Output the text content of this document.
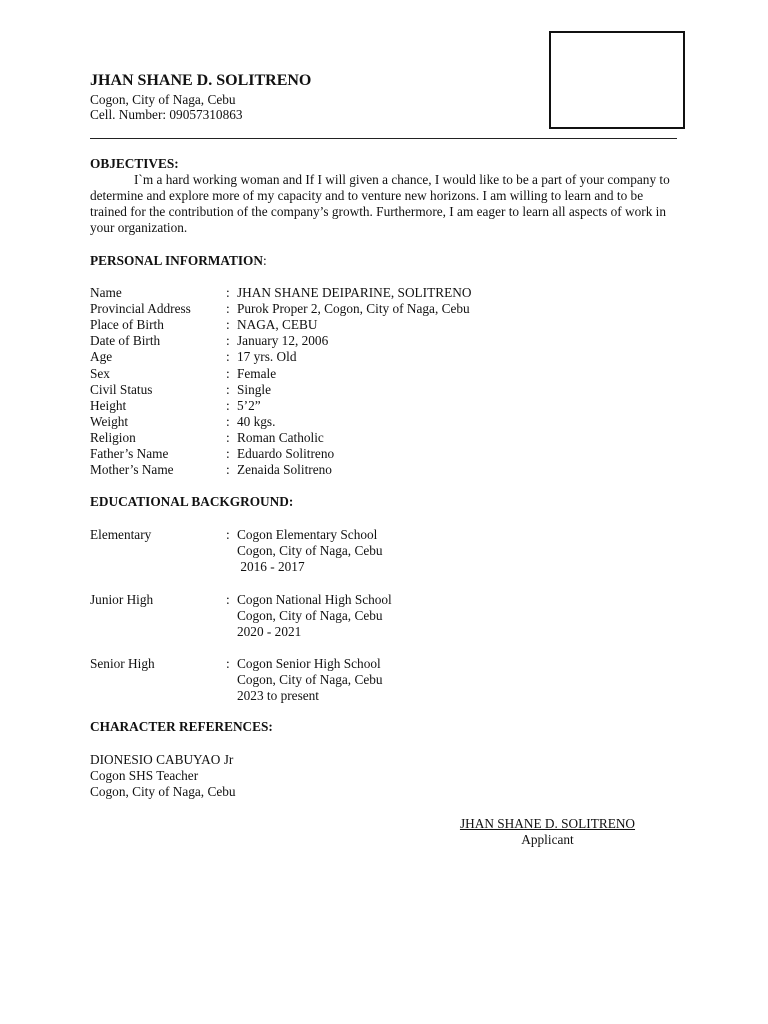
JHAN SHANE D. SOLITRENO
Cogon, City of Naga, Cebu
Cell. Number: 09057310863
OBJECTIVES:
I`m a hard working woman and If I will given a chance, I would like to be a part of your company to determine and explore more of my capacity and to venture new horizons. I am willing to learn and to be trained for the contribution of the company’s growth. Furthermore, I am eager to learn all aspects of work in your organization.
PERSONAL INFORMATION:
Name	: JHAN SHANE DEIPARINE, SOLITRENO
Provincial Address	: Purok Proper 2, Cogon, City of Naga, Cebu
Place of Birth	: NAGA, CEBU
Date of Birth	: January 12, 2006
Age	: 17 yrs. Old
Sex	: Female
Civil Status	: Single
Height	: 5’2”
Weight	: 40 kgs.
Religion	: Roman Catholic
Father’s Name	: Eduardo Solitreno
Mother’s Name	: Zenaida Solitreno
EDUCATIONAL BACKGROUND:
Elementary	: Cogon Elementary School
Cogon, City of Naga, Cebu
2016 - 2017
Junior High	: Cogon National High School
Cogon, City of Naga, Cebu
2020 - 2021
Senior High	: Cogon Senior High School
Cogon, City of Naga, Cebu
2023 to present
CHARACTER REFERENCES:
DIONESIO CABUYAO Jr
Cogon SHS Teacher
Cogon, City of Naga, Cebu
JHAN SHANE D. SOLITRENO
Applicant
